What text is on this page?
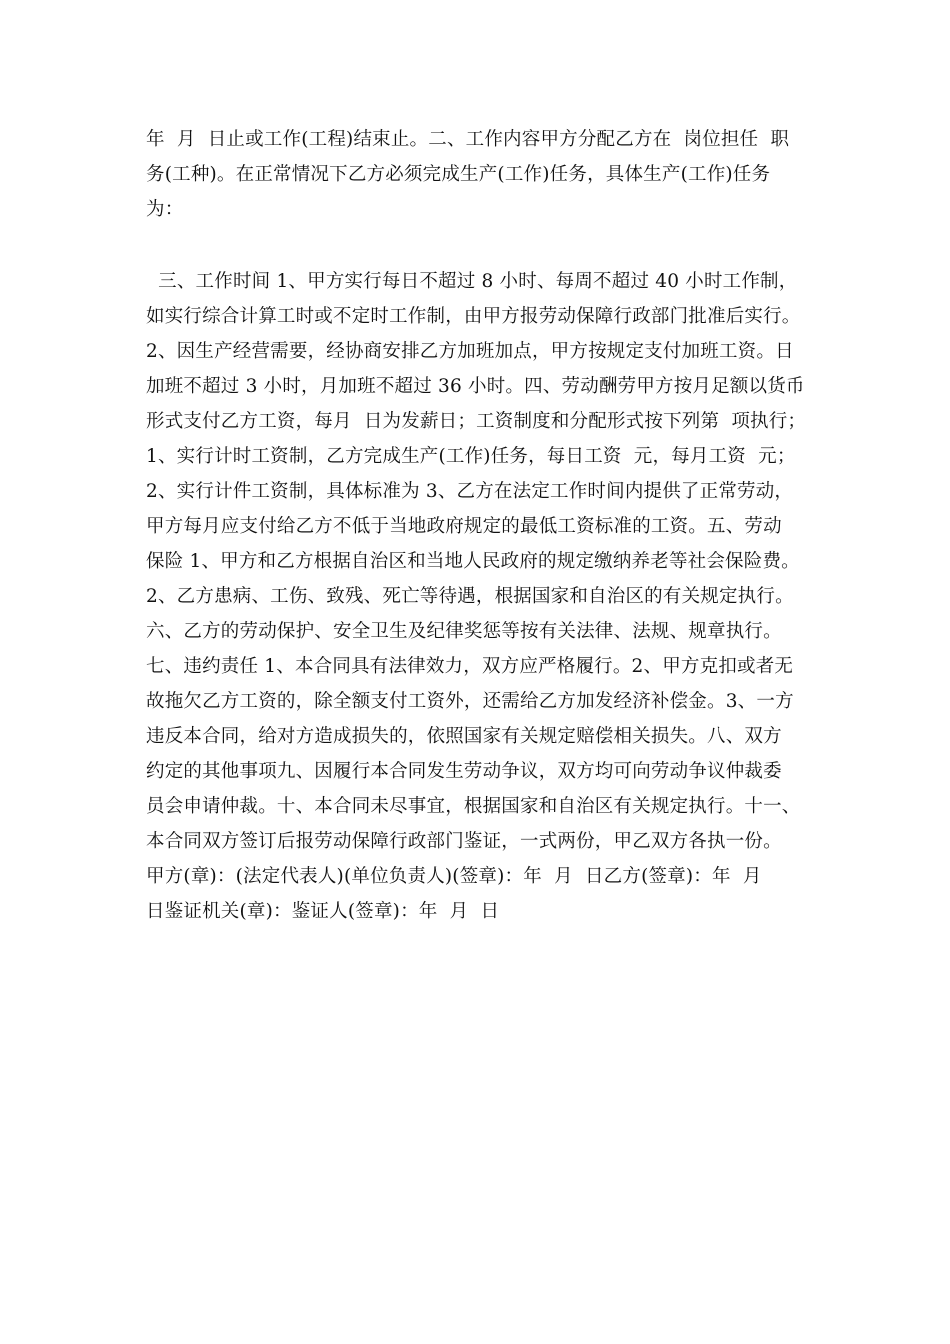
年  月  日止或工作(工程)结束止。二、工作内容甲方分配乙方在  岗位担任  职
务(工种)。在正常情况下乙方必须完成生产(工作)任务，具体生产(工作)任务
为：
三、工作时间 1、甲方实行每日不超过 8 小时、每周不超过 40 小时工作制，
如实行综合计算工时或不定时工作制，由甲方报劳动保障行政部门批准后实行。
2、因生产经营需要，经协商安排乙方加班加点，甲方按规定支付加班工资。日
加班不超过 3 小时，月加班不超过 36 小时。四、劳动酬劳甲方按月足额以货币
形式支付乙方工资，每月  日为发薪日；工资制度和分配形式按下列第  项执行；
1、实行计时工资制，乙方完成生产(工作)任务，每日工资  元，每月工资  元；
2、实行计件工资制，具体标准为 3、乙方在法定工作时间内提供了正常劳动，
甲方每月应支付给乙方不低于当地政府规定的最低工资标准的工资。五、劳动
保险 1、甲方和乙方根据自治区和当地人民政府的规定缴纳养老等社会保险费。
2、乙方患病、工伤、致残、死亡等待遇，根据国家和自治区的有关规定执行。
六、乙方的劳动保护、安全卫生及纪律奖惩等按有关法律、法规、规章执行。
七、违约责任 1、本合同具有法律效力，双方应严格履行。2、甲方克扣或者无
故拖欠乙方工资的，除全额支付工资外，还需给乙方加发经济补偿金。3、一方
违反本合同，给对方造成损失的，依照国家有关规定赔偿相关损失。八、双方
约定的其他事项九、因履行本合同发生劳动争议，双方均可向劳动争议仲裁委
员会申请仲裁。十、本合同未尽事宜，根据国家和自治区有关规定执行。十一、
本合同双方签订后报劳动保障行政部门鉴证，一式两份，甲乙双方各执一份。
甲方(章)：(法定代表人)(单位负责人)(签章)：年  月  日乙方(签章)：年  月
日鉴证机关(章)：鉴证人(签章)：年  月  日
